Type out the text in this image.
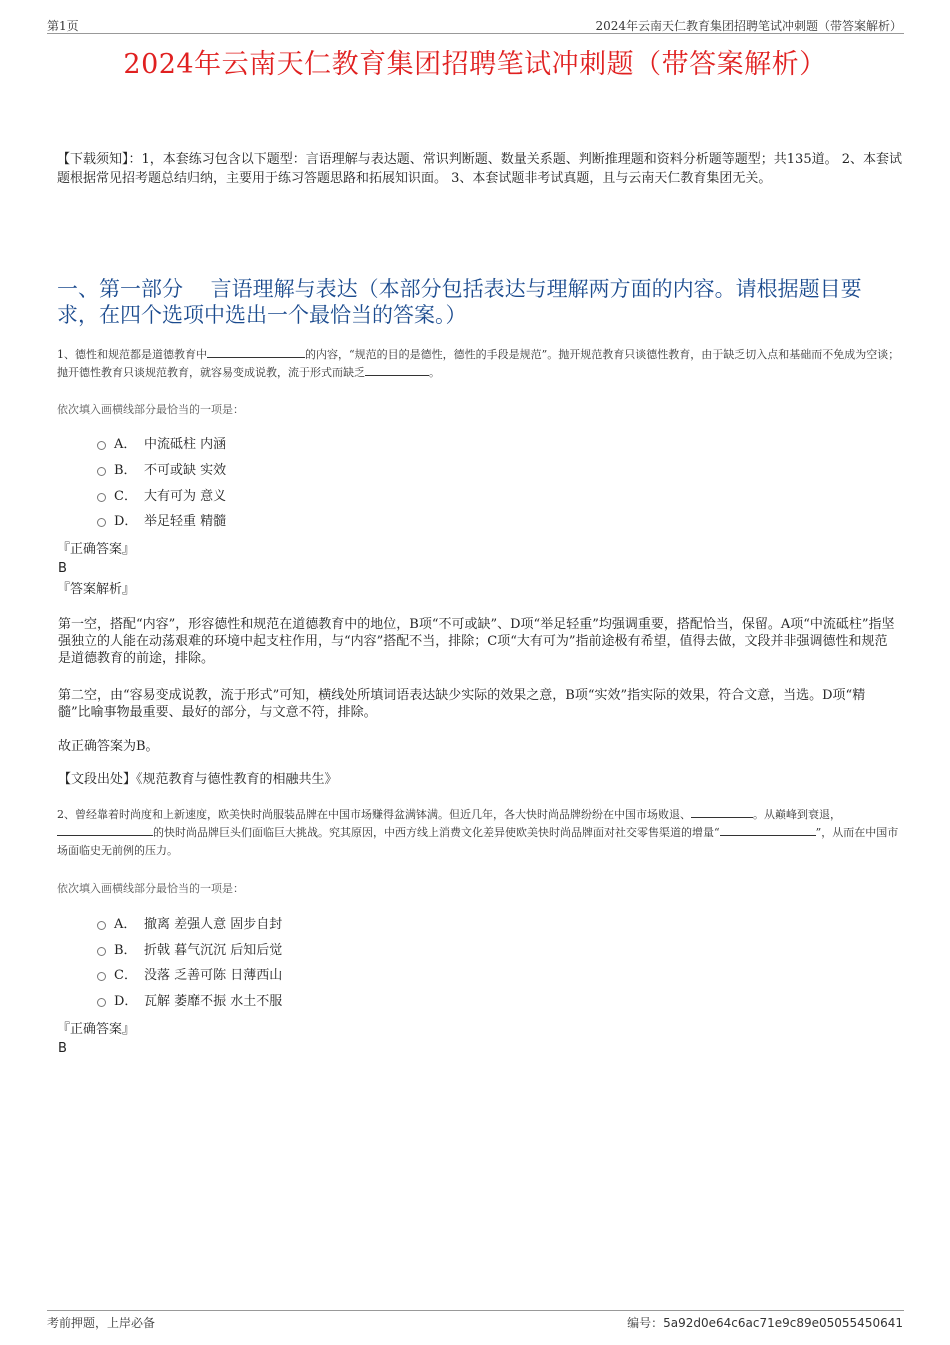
第1页	2024年云南天仁教育集团招聘笔试冲刺题（带答案解析）
2024年云南天仁教育集团招聘笔试冲刺题（带答案解析）
【下载须知】：1，本套练习包含以下题型：言语理解与表达题、常识判断题、数量关系题、判断推理题和资料分析题等题型；共135道。 2、本套试题根据常见招考题总结归纳，主要用于练习答题思路和拓展知识面。 3、本套试题非考试真题，且与云南天仁教育集团无关。
一、第一部分　 言语理解与表达（本部分包括表达与理解两方面的内容。请根据题目要求，在四个选项中选出一个最恰当的答案。）
1、德性和规范都是道德教育中	的内容，“规范的目的是德性，德性的手段是规范”。抛开规范教育只谈德性教育，由于缺乏切入点和基础而不免成为空谈；抛开德性教育只谈规范教育，就容易变成说教，流于形式而缺乏	。
依次填入画横线部分最恰当的一项是：
A． 中流砥柱 内涵
B． 不可或缺 实效
C． 大有可为 意义
D． 举足轻重 精髓
『正确答案』
B
『答案解析』
第一空，搭配“内容”，形容德性和规范在道德教育中的地位，B项“不可或缺”、D项“举足轻重”均强调重要，搭配恰当，保留。A项“中流砥柱”指坚强独立的人能在动荡艰难的环境中起支柱作用，与“内容”搭配不当，排除；C项“大有可为”指前途极有希望，值得去做，文段并非强调德性和规范是道德教育的前途，排除。
第二空，由“容易变成说教，流于形式”可知，横线处所填词语表达缺少实际的效果之意，B项“实效”指实际的效果，符合文意，当选。D项“精髓”比喻事物最重要、最好的部分，与文意不符，排除。
故正确答案为B。
【文段出处】《规范教育与德性教育的相融共生》
2、曾经靠着时尚度和上新速度，欧美快时尚服装品牌在中国市场赚得盆满钵满。但近几年，各大快时尚品牌纷纷在中国市场败退、	。从巅峰到衰退，的快时尚品牌巨头们面临巨大挑战。究其原因，中西方线上消费文化差异使欧美快时尚品牌面对社交零售渠道的增量“	”，从而在中国市场面临史无前例的压力。
依次填入画横线部分最恰当的一项是：
A． 撤离 差强人意 固步自封
B． 折戟 暮气沉沉 后知后觉
C． 没落 乏善可陈 日薄西山
D． 瓦解 萎靡不振 水土不服
『正确答案』
B
考前押题，上岸必备	编号：5a92d0e64c6ac71e9c89e05055450641
